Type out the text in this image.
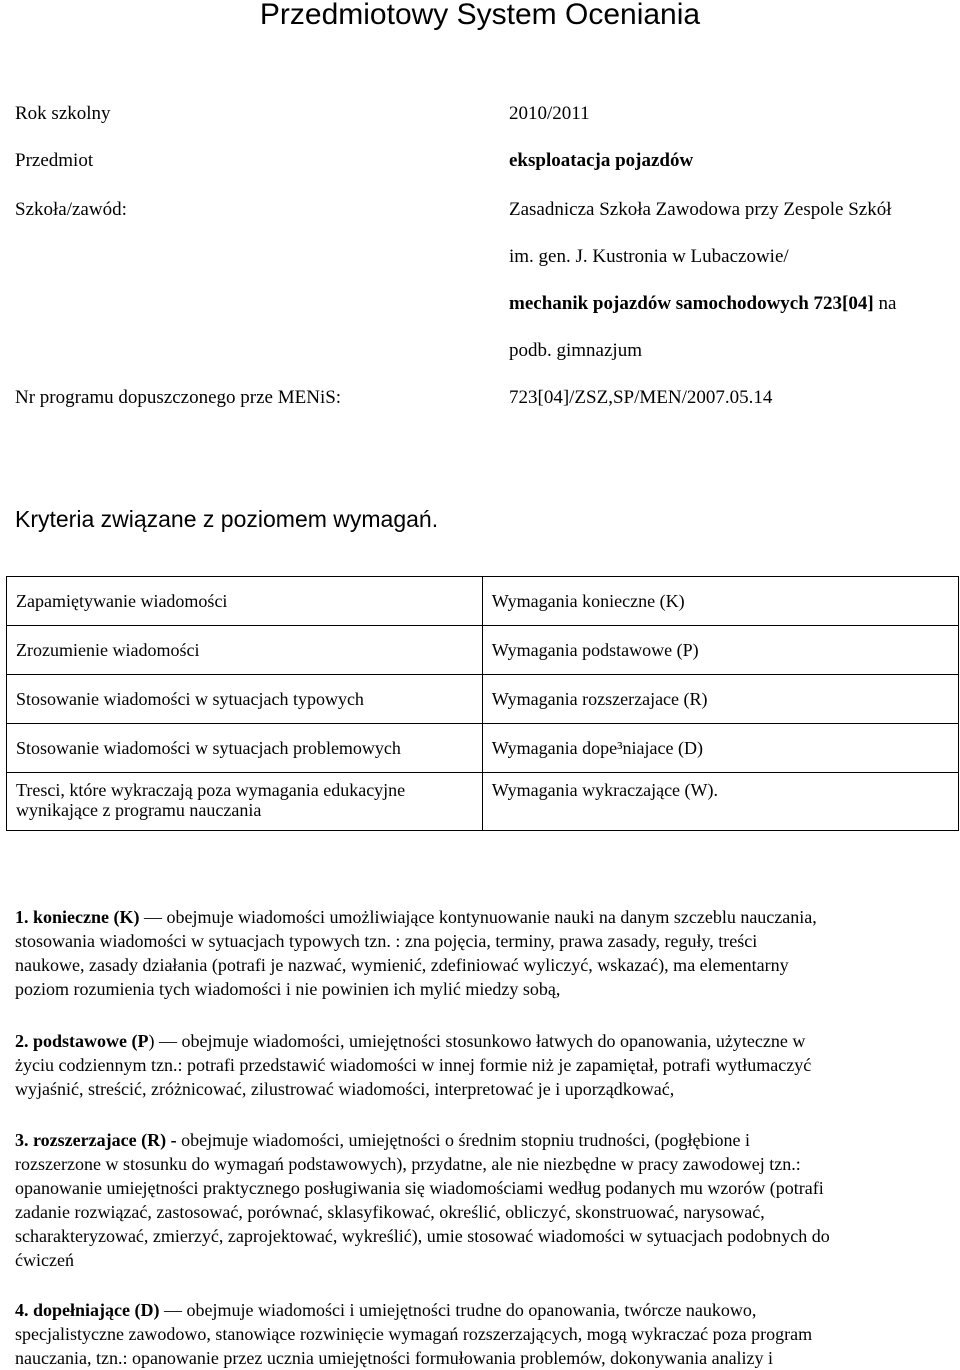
Przedmiotowy System Oceniania
Rok szkolny	2010/2011
Przedmiot	eksploatacja pojazdów
Szkoła/zawód:	Zasadnicza Szkoła Zawodowa przy Zespole Szkół
im. gen. J. Kustronia w Lubaczowie/
mechanik pojazdów samochodowych 723[04] na
podb. gimnazjum
Nr programu dopuszczonego prze MENiS:	723[04]/ZSZ,SP/MEN/2007.05.14
Kryteria związane z poziomem wymagań.
Zapamiętywanie wiadomości	Wymagania konieczne (K)

Zrozumienie wiadomości	Wymagania podstawowe (P)

Stosowanie wiadomości w sytuacjach typowych	Wymagania rozszerzajace (R)

Stosowanie wiadomości w sytuacjach problemowych	Wymagania dope³niajace (D)

Tresci, które wykraczają poza wymagania edukacyjne
wynikające z programu nauczania	Wymagania wykraczające (W).
1. konieczne (K) — obejmuje wiadomości umożliwiające kontynuowanie nauki na danym szczeblu nauczania,
stosowania wiadomości w sytuacjach typowych tzn. : zna pojęcia, terminy, prawa zasady, reguły, treści
naukowe, zasady działania (potrafi je nazwać, wymienić, zdefiniować wyliczyć, wskazać), ma elementarny
poziom rozumienia tych wiadomości i nie powinien ich mylić miedzy sobą,
2. podstawowe (P) — obejmuje wiadomości, umiejętności stosunkowo łatwych do opanowania, użyteczne w
życiu codziennym tzn.: potrafi przedstawić wiadomości w innej formie niż je zapamiętał, potrafi wytłumaczyć
wyjaśnić, streścić, zróżnicować, zilustrować wiadomości, interpretować je i uporządkować,
3. rozszerzajace (R) - obejmuje wiadomości, umiejętności o średnim stopniu trudności, (pogłębione i
rozszerzone w stosunku do wymagań podstawowych), przydatne, ale nie niezbędne w pracy zawodowej tzn.:
opanowanie umiejętności praktycznego posługiwania się wiadomościami według podanych mu wzorów (potrafi
zadanie rozwiązać, zastosować, porównać, sklasyfikować, określić, obliczyć, skonstruować, narysować,
scharakteryzować, zmierzyć, zaprojektować, wykreślić), umie stosować wiadomości w sytuacjach podobnych do
ćwiczeń
4. dopełniające (D) — obejmuje wiadomości i umiejętności trudne do opanowania, twórcze naukowo,
specjalistyczne zawodowo, stanowiące rozwinięcie wymagań rozszerzających, mogą wykraczać poza program
nauczania, tzn.: opanowanie przez ucznia umiejętności formułowania problemów, dokonywania analizy i
